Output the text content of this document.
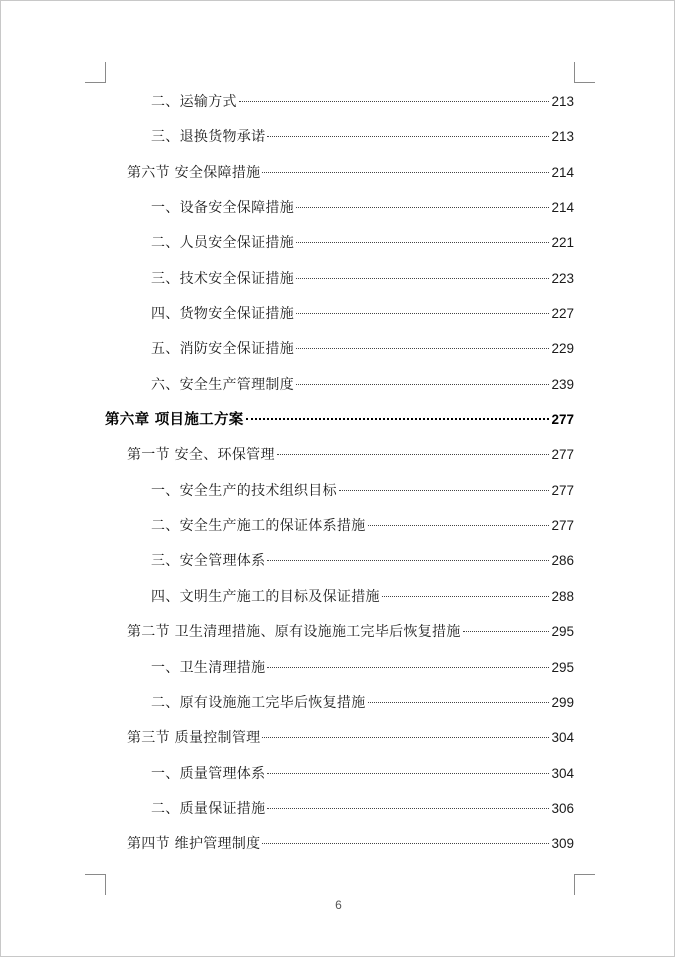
二、运输方式	213
三、退换货物承诺	213
第六节 安全保障措施	214
一、设备安全保障措施	214
二、人员安全保证措施	221
三、技术安全保证措施	223
四、货物安全保证措施	227
五、消防安全保证措施	229
六、安全生产管理制度	239
第六章 项目施工方案	277
第一节 安全、环保管理	277
一、安全生产的技术组织目标	277
二、安全生产施工的保证体系措施	277
三、安全管理体系	286
四、文明生产施工的目标及保证措施	288
第二节 卫生清理措施、原有设施施工完毕后恢复措施	295
一、卫生清理措施	295
二、原有设施施工完毕后恢复措施	299
第三节 质量控制管理	304
一、质量管理体系	304
二、质量保证措施	306
第四节 维护管理制度	309
6
